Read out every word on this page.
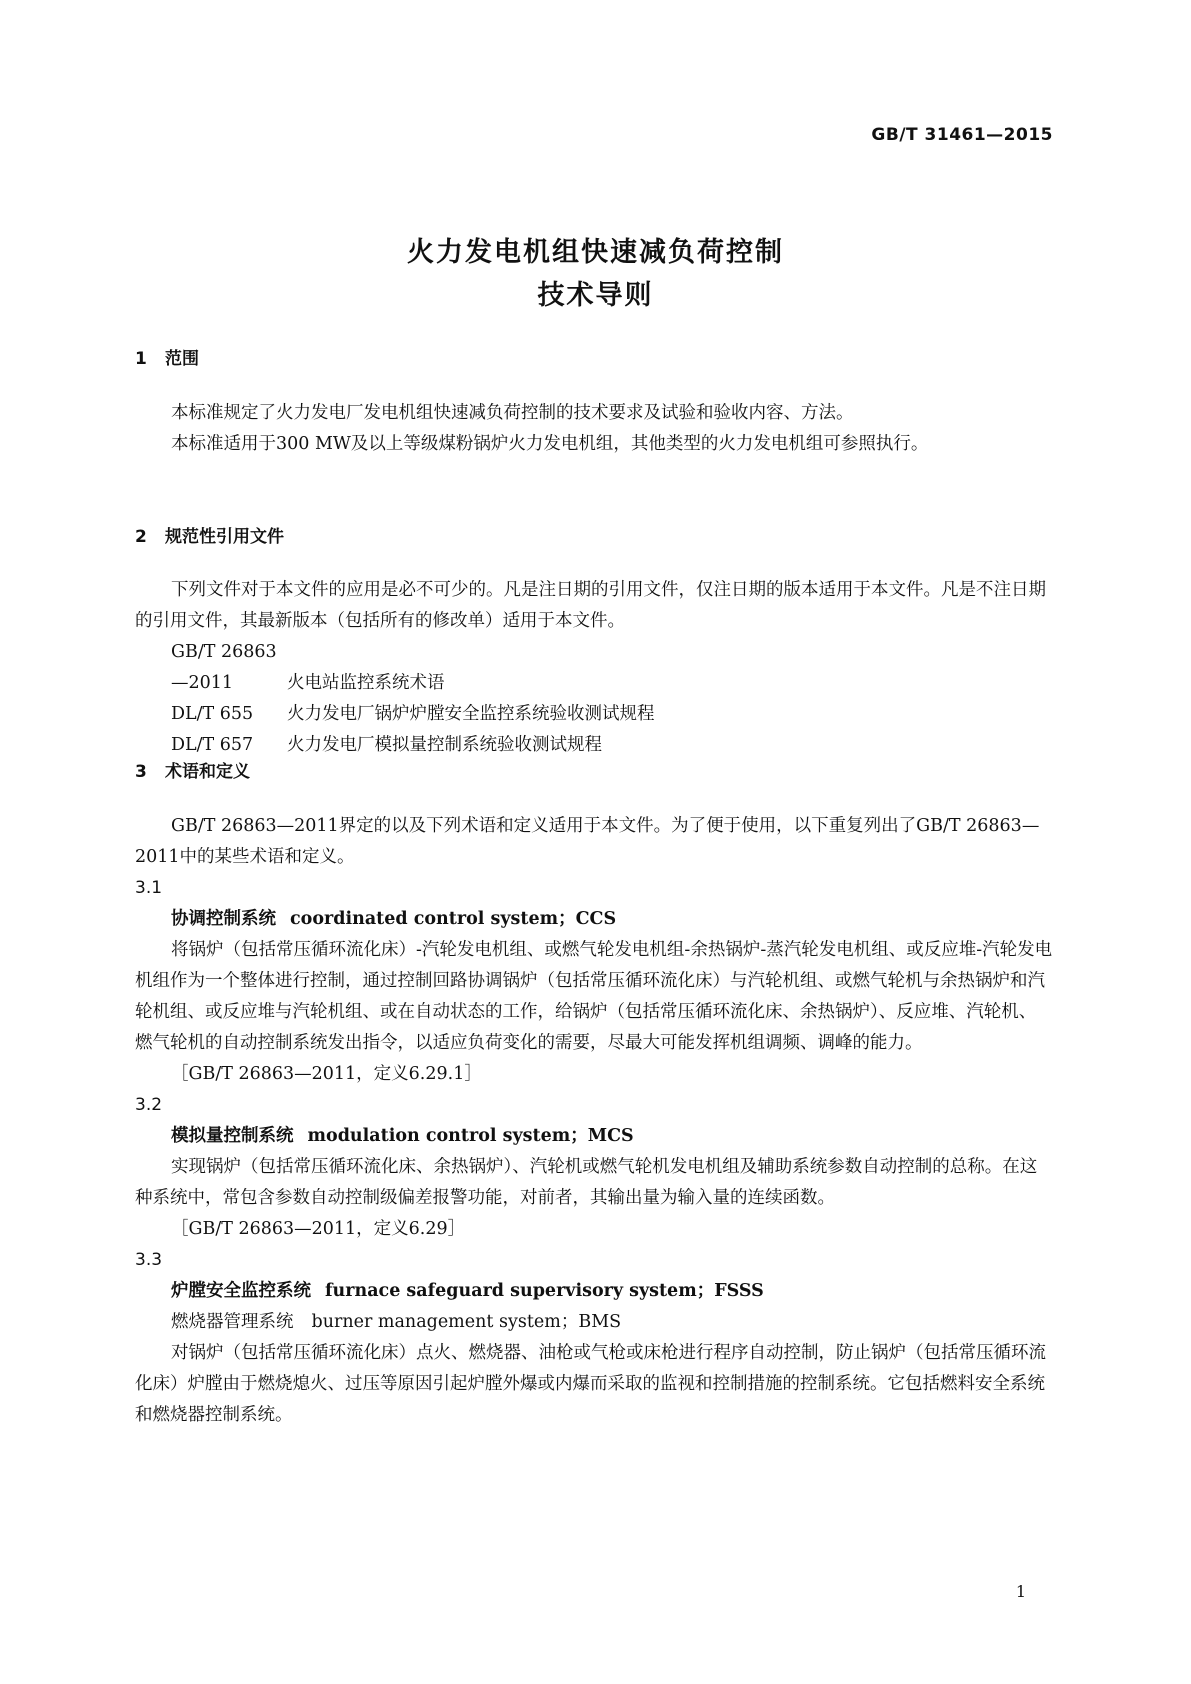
GB/T 31461—2015
火力发电机组快速减负荷控制
技术导则
1 范围

本标准规定了火力发电厂发电机组快速减负荷控制的技术要求及试验和验收内容、方法。

本标准适用于300 MW及以上等级煤粉锅炉火力发电机组，其他类型的火力发电机组可参照执行。

2 规范性引用文件

下列文件对于本文件的应用是必不可少的。凡是注日期的引用文件，仅注日期的版本适用于本文件。凡是不注日期的引用文件，其最新版本（包括所有的修改单）适用于本文件。

GB/T 26863—2011	火电站监控系统术语

DL/T 655 火力发电厂锅炉炉膛安全监控系统验收测试规程

DL/T 657 火力发电厂模拟量控制系统验收测试规程

3 术语和定义

GB/T 26863—2011界定的以及下列术语和定义适用于本文件。为了便于使用，以下重复列出了GB/T 26863—2011中的某些术语和定义。

3.1

协调控制系统 coordinated control system；CCS

将锅炉（包括常压循环流化床）-汽轮发电机组、或燃气轮发电机组-余热锅炉-蒸汽轮发电机组、或反应堆-汽轮发电机组作为一个整体进行控制，通过控制回路协调锅炉（包括常压循环流化床）与汽轮机组、或燃气轮机与余热锅炉和汽轮机组、或反应堆与汽轮机组、或在自动状态的工作，给锅炉（包括常压循环流化床、余热锅炉）、反应堆、汽轮机、燃气轮机的自动控制系统发出指令，以适应负荷变化的需要，尽最大可能发挥机组调频、调峰的能力。

［GB/T 26863—2011，定义6.29.1］

3.2

模拟量控制系统 modulation control system；MCS

实现锅炉（包括常压循环流化床、余热锅炉）、汽轮机或燃气轮机发电机组及辅助系统参数自动控制的总称。在这种系统中，常包含参数自动控制级偏差报警功能，对前者，其输出量为输入量的连续函数。

［GB/T 26863—2011，定义6.29］

3.3

炉膛安全监控系统 furnace safeguard supervisory system；FSSS

燃烧器管理系统 burner management system；BMS

对锅炉（包括常压循环流化床）点火、燃烧器、油枪或气枪或床枪进行程序自动控制，防止锅炉（包括常压循环流化床）炉膛由于燃烧熄火、过压等原因引起炉膛外爆或内爆而采取的监视和控制措施的控制系统。它包括燃料安全系统和燃烧器控制系统。

1
